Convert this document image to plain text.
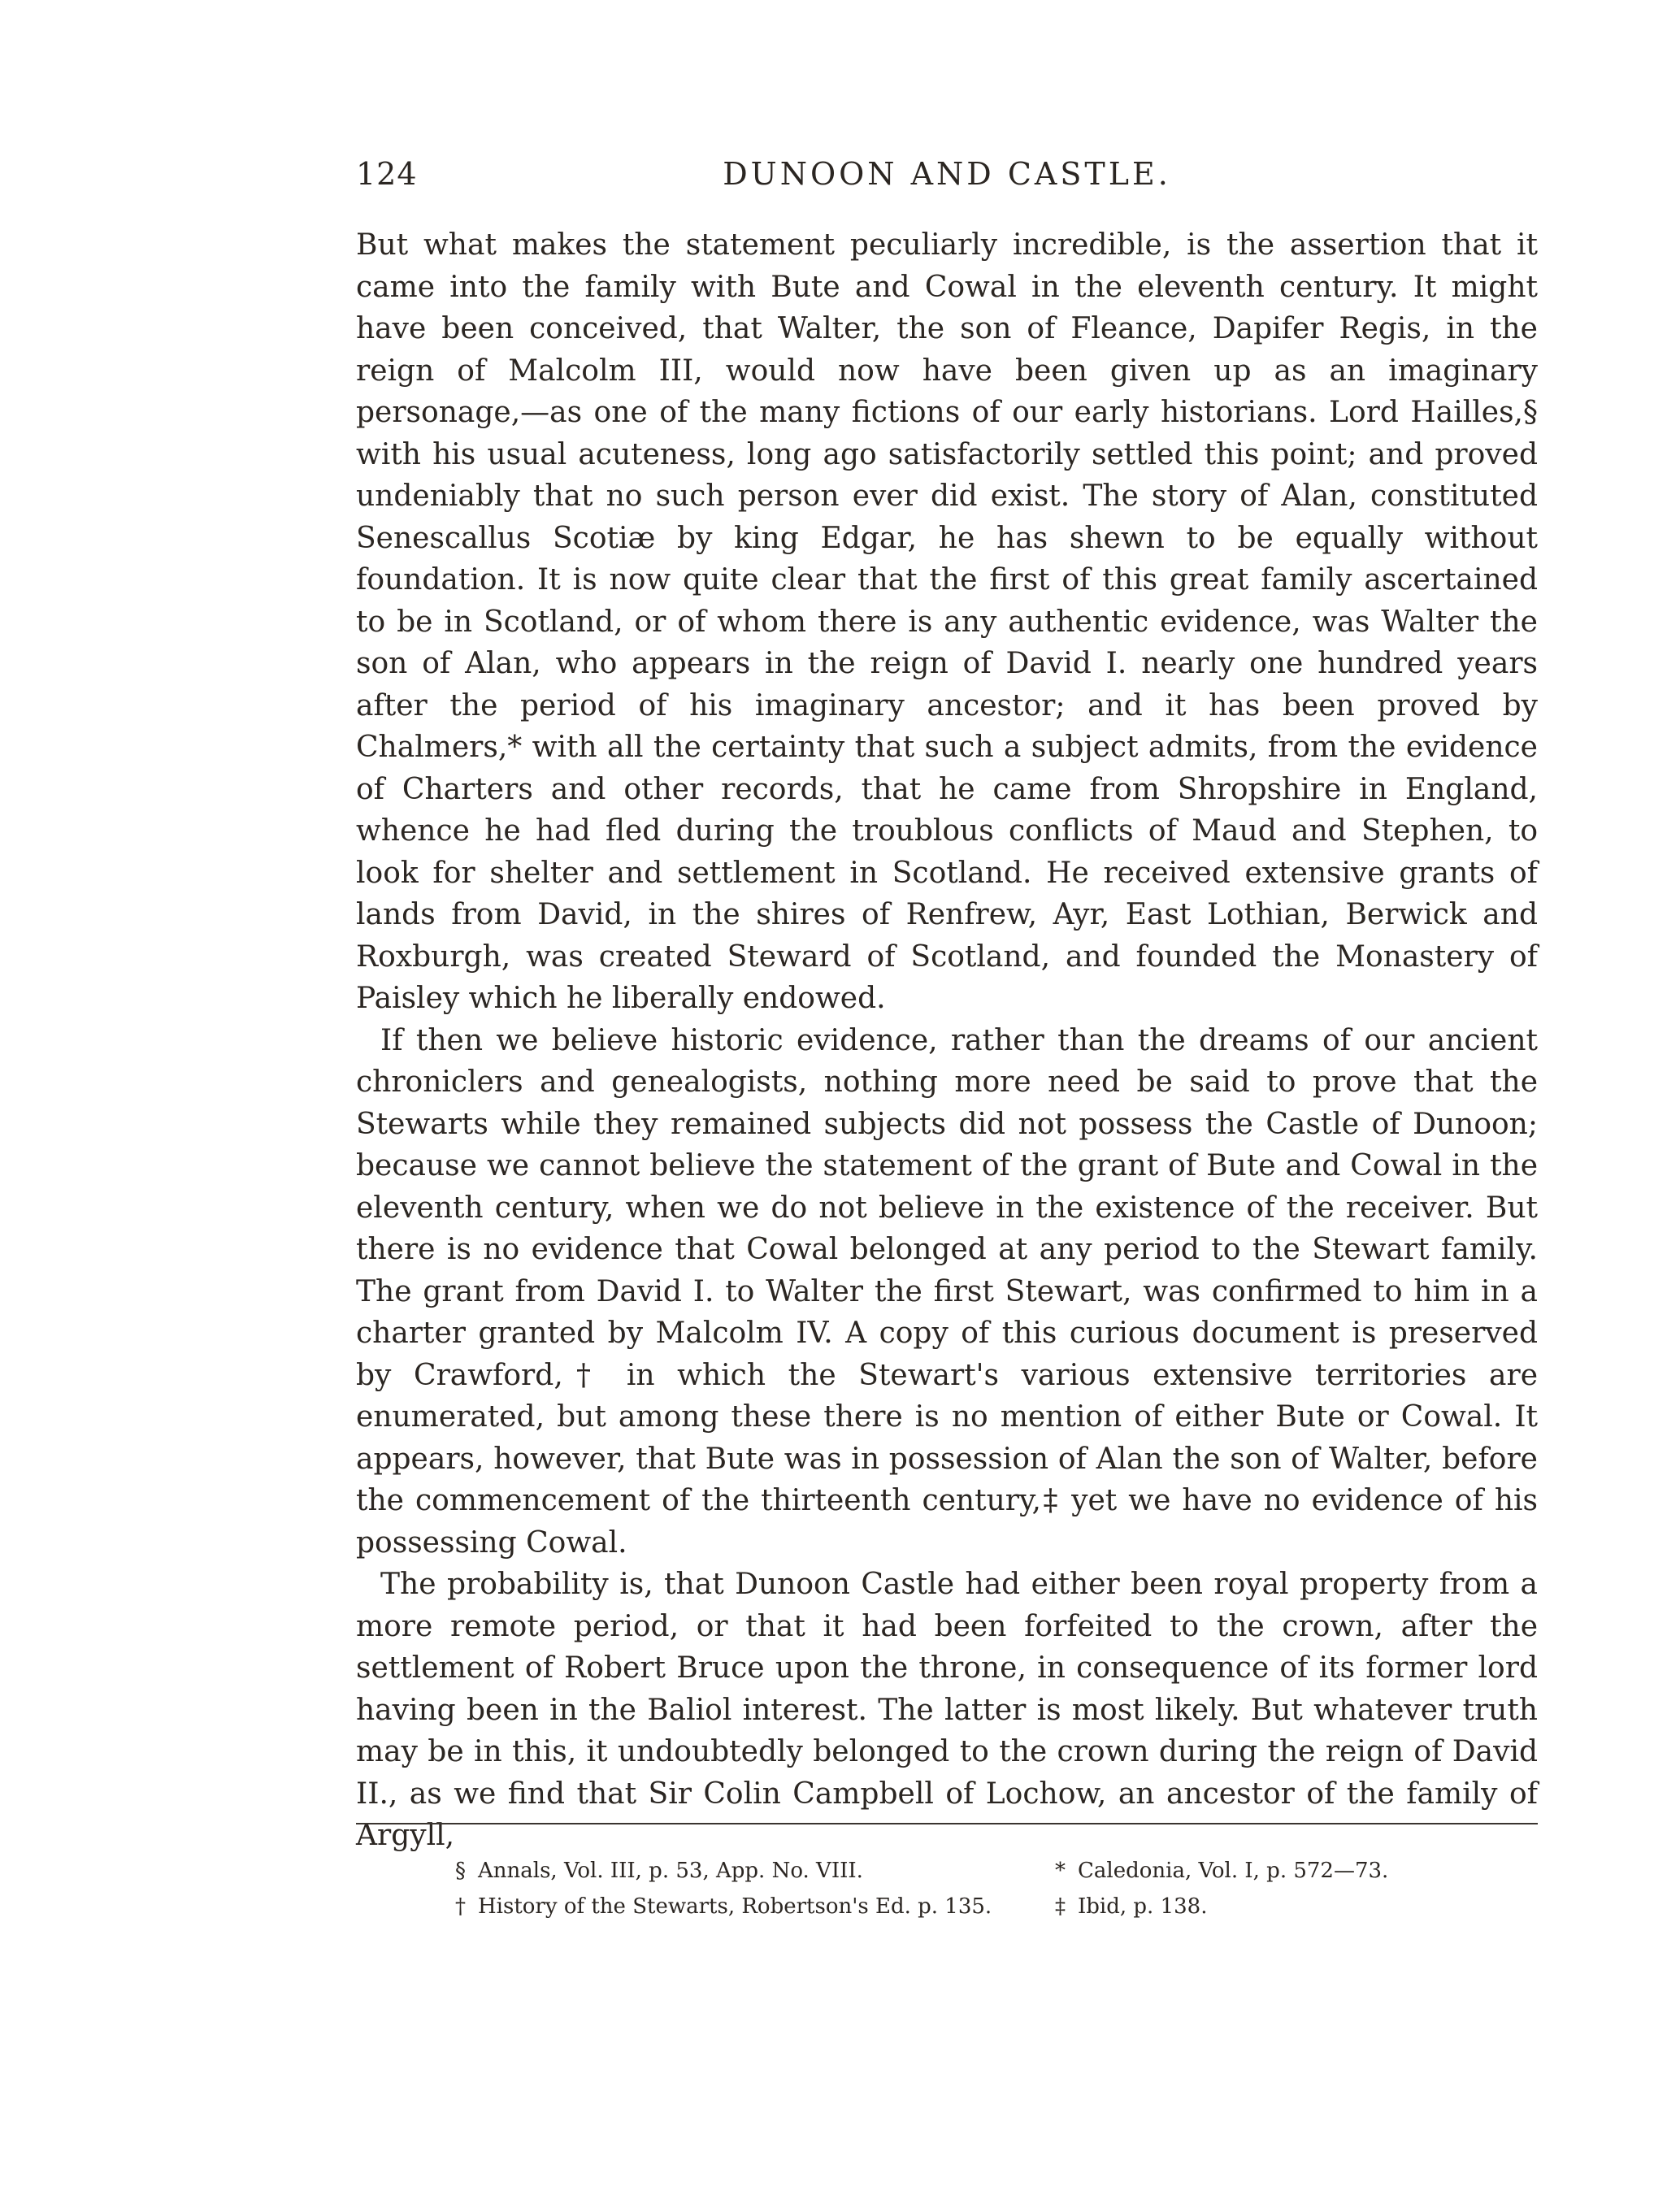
124	DUNOON AND CASTLE.

But what makes the statement peculiarly incredible, is the assertion that it came into the family with Bute and Cowal in the eleventh century. It might have been conceived, that Walter, the son of Fleance, Dapifer Regis, in the reign of Malcolm III, would now have been given up as an imaginary personage,—as one of the many fictions of our early historians. Lord Hailles,§ with his usual acuteness, long ago satisfactorily settled this point; and proved undeniably that no such person ever did exist. The story of Alan, constituted Senescallus Scotiæ by king Edgar, he has shewn to be equally without foundation. It is now quite clear that the first of this great family ascertained to be in Scotland, or of whom there is any authentic evidence, was Walter the son of Alan, who appears in the reign of David I. nearly one hundred years after the period of his imaginary ancestor; and it has been proved by Chalmers,* with all the certainty that such a subject admits, from the evidence of Charters and other records, that he came from Shropshire in England, whence he had fled during the troublous conflicts of Maud and Stephen, to look for shelter and settlement in Scotland. He received extensive grants of lands from David, in the shires of Renfrew, Ayr, East Lothian, Berwick and Roxburgh, was created Steward of Scotland, and founded the Monastery of Paisley which he liberally endowed.

If then we believe historic evidence, rather than the dreams of our ancient chroniclers and genealogists, nothing more need be said to prove that the Stewarts while they remained subjects did not possess the Castle of Dunoon; because we cannot believe the statement of the grant of Bute and Cowal in the eleventh century, when we do not believe in the existence of the receiver. But there is no evidence that Cowal belonged at any period to the Stewart family. The grant from David I. to Walter the first Stewart, was confirmed to him in a charter granted by Malcolm IV. A copy of this curious document is preserved by Crawford,† in which the Stewart's various extensive territories are enumerated, but among these there is no mention of either Bute or Cowal. It appears, however, that Bute was in possession of Alan the son of Walter, before the commencement of the thirteenth century,‡ yet we have no evidence of his possessing Cowal.

The probability is, that Dunoon Castle had either been royal property from a more remote period, or that it had been forfeited to the crown, after the settlement of Robert Bruce upon the throne, in consequence of its former lord having been in the Baliol interest. The latter is most likely. But whatever truth may be in this, it undoubtedly belonged to the crown during the reign of David II., as we find that Sir Colin Campbell of Lochow, an ancestor of the family of Argyll,

§ Annals, Vol. III, p. 53, App. No. VIII.	* Caledonia, Vol. I, p. 572—73.
† History of the Stewarts, Robertson's Ed. p. 135.	‡ Ibid, p. 138.
